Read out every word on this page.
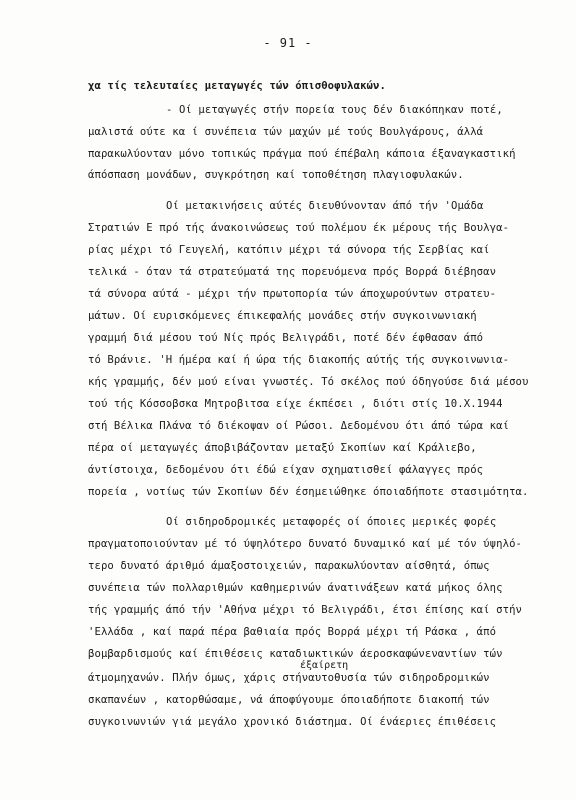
- 91 -
χα τίς τελευταίες μεταγωγές τών όπισθοφυλακών.
- Οί μεταγωγές στήν πορεία τους δέν διακόπηκαν ποτέ,
μαλιστά ούτε κα ί συνέπεια τών μαχών μέ τούς Βουλγάρους, άλλά
παρακωλύονταν μόνο τοπικώς πράγμα πού έπέβαλη κάποια έξαναγκαστική
άπόσπαση μονάδων, συγκρότηση καί τοποθέτηση πλαγιοφυλακών.
Οί μετακινήσεις αύτές διευθύνονταν άπό τήν 'Ομάδα
Στρατιών Ε πρό τής άνακοινώσεως τού πολέμου έκ μέρους τής Βουλγα-
ρίας μέχρι τό Γευγελή, κατόπιν μέχρι τά σύνορα τής Σερβίας καί
τελικά - όταν τά στρατεύματά της πορευόμενα πρός Βορρά διέβησαν
τά σύνορα αύτά - μέχρι τήν πρωτοπορία τών άποχωρούντων στρατευ-
μάτων. Οί ευρισκόμενες έπικεφαλής μονάδες στήν συγκοινωνιακή
γραμμή διά μέσου τού Νίς πρός Βελιγράδι, ποτέ δέν έφθασαν άπό
τό Βράνιε. 'Η ήμέρα καί ή ώρα τής διακοπής αύτής τής συγκοινωνια-
κής γραμμής, δέν μού είναι γνωστές. Τό σκέλος πού όδηγούσε διά μέσου
τού τής Κόσσοβσκα Μητροβιτσα είχε έκπέσει , διότι στίς 10.Χ.1944
στή Βέλικα Πλάνα τό διέκοψαν οί Ρώσοι. Δεδομένου ότι άπό τώρα καί
πέρα οί μεταγωγές άποβιβάζονταν μεταξύ Σκοπίων καί Κράλιεβο,
άντίστοιχα, δεδομένου ότι έδώ είχαν σχηματισθεί φάλαγγες πρός
πορεία , νοτίως τών Σκοπίων δέν έσημειώθηκε όποιαδήποτε στασιμότητα.
Οί σιδηροδρομικές μεταφορές οί όποιες μερικές φορές
πραγματοποιούνταν μέ τό ύψηλότερο δυνατό δυναμικό καί μέ τόν ύψηλό-
τερο δυνατό άριθμό άμαξοστοιχειών, παρακωλύονταν αίσθητά, όπως
συνέπεια τών πολλαριθμών καθημερινών άνατινάξεων κατά μήκος όλης
τής γραμμής άπό τήν 'Αθήνα μέχρι τό Βελιγράδι, έτσι έπίσης καί στήν
'Ελλάδα , καί παρά πέρα βαθιαία πρός Βορρά μέχρι τή Ράσκα , άπό
βομβαρδισμούς καί έπιθέσεις καταδιωκτικών άεροσκαφώνεναντίων τών
έξαίρετη
άτμομηχανών. Πλήν όμως, χάρις στήναυτοθυσία τών σιδηροδρομικών
σκαπανέων , κατορθώσαμε, νά άποφύγουμε όποιαδήποτε διακοπή τών
συγκοινωνιών γιά μεγάλο χρονικό διάστημα. Οί ένάεριες έπιθέσεις
